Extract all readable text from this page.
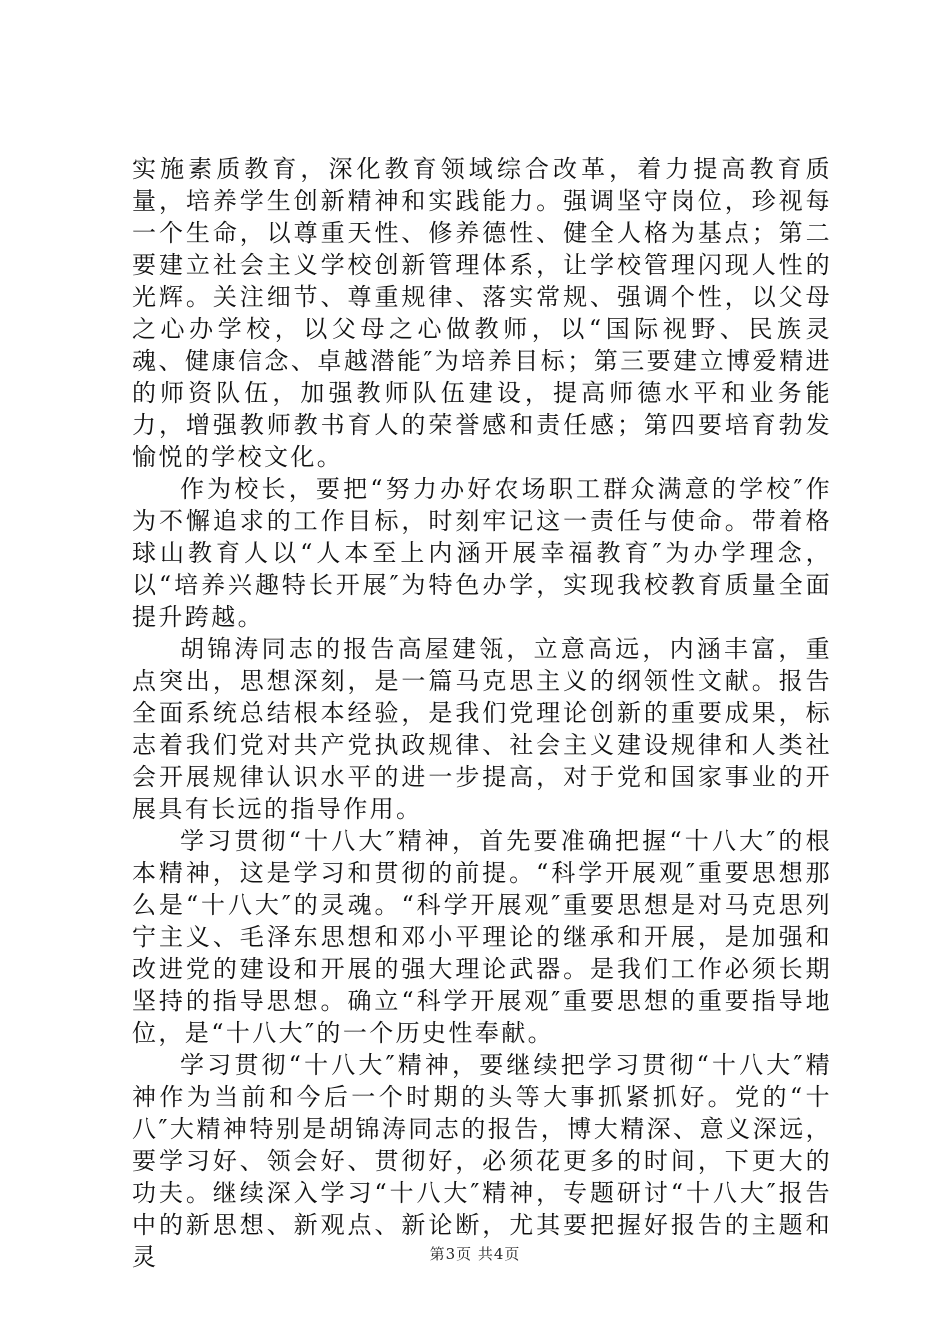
实施素质教育，深化教育领域综合改革，着力提高教育质量，培养学生创新精神和实践能力。强调坚守岗位，珍视每一个生命，以尊重天性、修养德性、健全人格为基点；第二要建立社会主义学校创新管理体系，让学校管理闪现人性的光辉。关注细节、尊重规律、落实常规、强调个性，以父母之心办学校，以父母之心做教师，以“国际视野、民族灵魂、健康信念、卓越潜能″为培养目标；第三要建立博爱精进的师资队伍，加强教师队伍建设，提高师德水平和业务能力，增强教师教书育人的荣誉感和责任感；第四要培育勃发愉悦的学校文化。

作为校长，要把“努力办好农场职工群众满意的学校″作为不懈追求的工作目标，时刻牢记这一责任与使命。带着格球山教育人以“人本至上内涵开展幸福教育″为办学理念，以“培养兴趣特长开展″为特色办学，实现我校教育质量全面提升跨越。

胡锦涛同志的报告高屋建瓴，立意高远，内涵丰富，重点突出，思想深刻，是一篇马克思主义的纲领性文献。报告全面系统总结根本经验，是我们党理论创新的重要成果，标志着我们党对共产党执政规律、社会主义建设规律和人类社会开展规律认识水平的进一步提高，对于党和国家事业的开展具有长远的指导作用。

学习贯彻“十八大″精神，首先要准确把握“十八大″的根本精神，这是学习和贯彻的前提。“科学开展观″重要思想那么是“十八大″的灵魂。“科学开展观″重要思想是对马克思列宁主义、毛泽东思想和邓小平理论的继承和开展，是加强和改进党的建设和开展的强大理论武器。是我们工作必须长期坚持的指导思想。确立“科学开展观″重要思想的重要指导地位，是“十八大″的一个历史性奉献。

学习贯彻“十八大″精神，要继续把学习贯彻“十八大″精神作为当前和今后一个时期的头等大事抓紧抓好。党的“十八″大精神特别是胡锦涛同志的报告，博大精深、意义深远，要学习好、领会好、贯彻好，必须花更多的时间，下更大的功夫。继续深入学习“十八大″精神，专题研讨“十八大″报告中的新思想、新观点、新论断，尤其要把握好报告的主题和灵	第3页 共4页
